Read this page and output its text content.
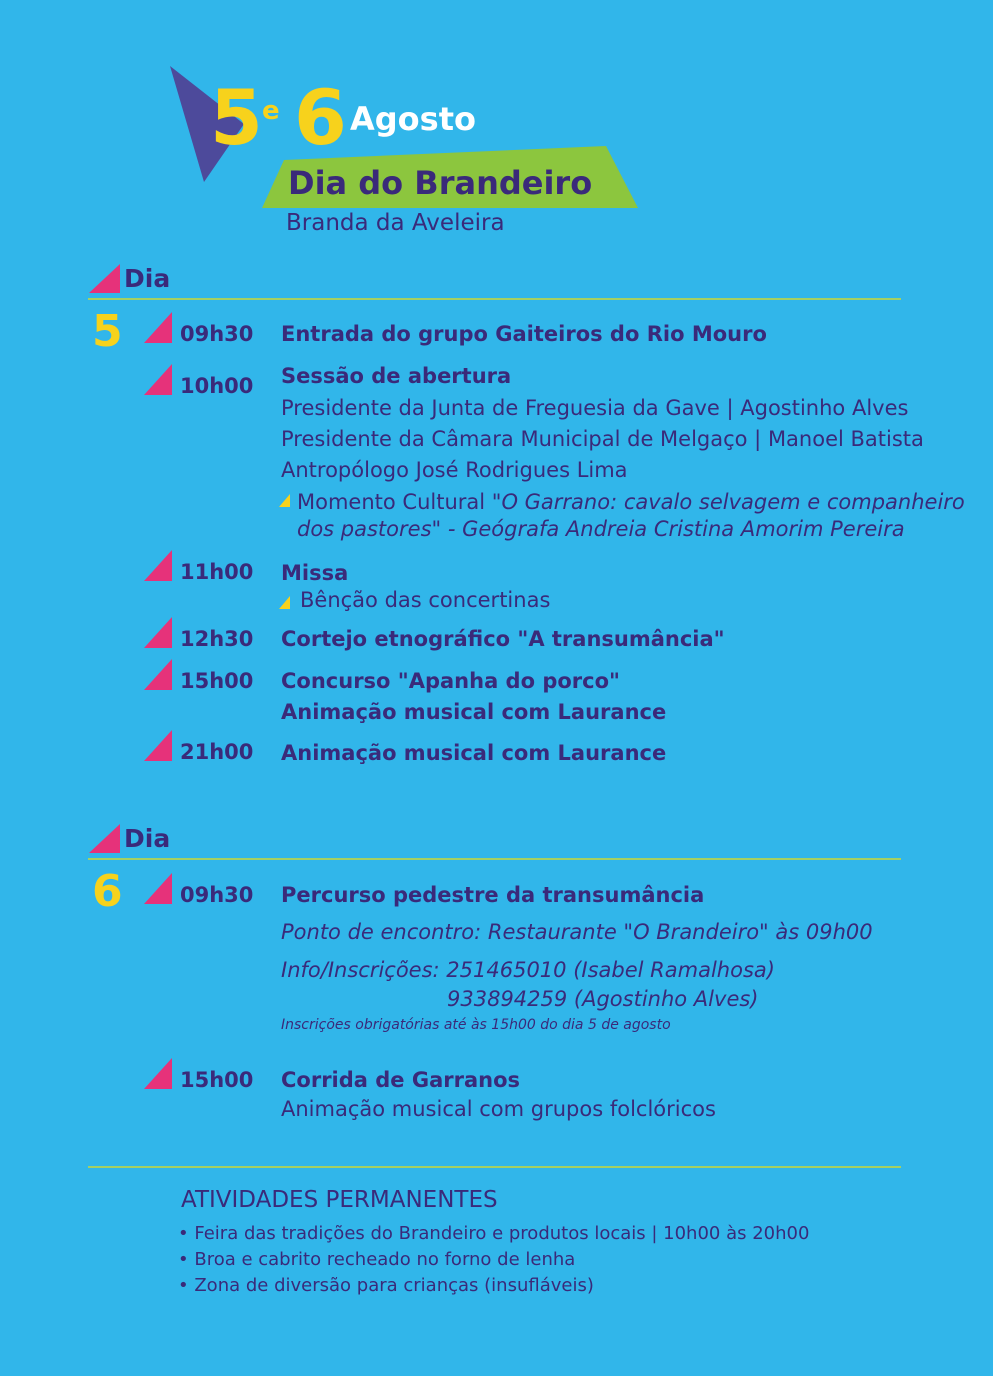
5 e 6 Agosto
Dia do Brandeiro
Branda da Aveleira
Dia
5	09h30 Entrada do grupo Gaiteiros do Rio Mouro
10h00 Sessão de abertura
Presidente da Junta de Freguesia da Gave | Agostinho Alves
Presidente da Câmara Municipal de Melgaço | Manoel Batista
Antropólogo José Rodrigues Lima
Momento Cultural "O Garrano: cavalo selvagem e companheiro
dos pastores" - Geógrafa Andreia Cristina Amorim Pereira
11h00 Missa
Bênção das concertinas
12h30 Cortejo etnográfico "A transumância"
15h00 Concurso "Apanha do porco"
Animação musical com Laurance
21h00 Animação musical com Laurance
Dia
6	09h30 Percurso pedestre da transumância
Ponto de encontro: Restaurante "O Brandeiro" às 09h00
Info/Inscrições: 251465010 (Isabel Ramalhosa)
933894259 (Agostinho Alves)
Inscrições obrigatórias até às 15h00 do dia 5 de agosto
15h00 Corrida de Garranos
Animação musical com grupos folclóricos
ATIVIDADES PERMANENTES
• Feira das tradições do Brandeiro e produtos locais | 10h00 às 20h00
• Broa e cabrito recheado no forno de lenha
• Zona de diversão para crianças (insufláveis)
